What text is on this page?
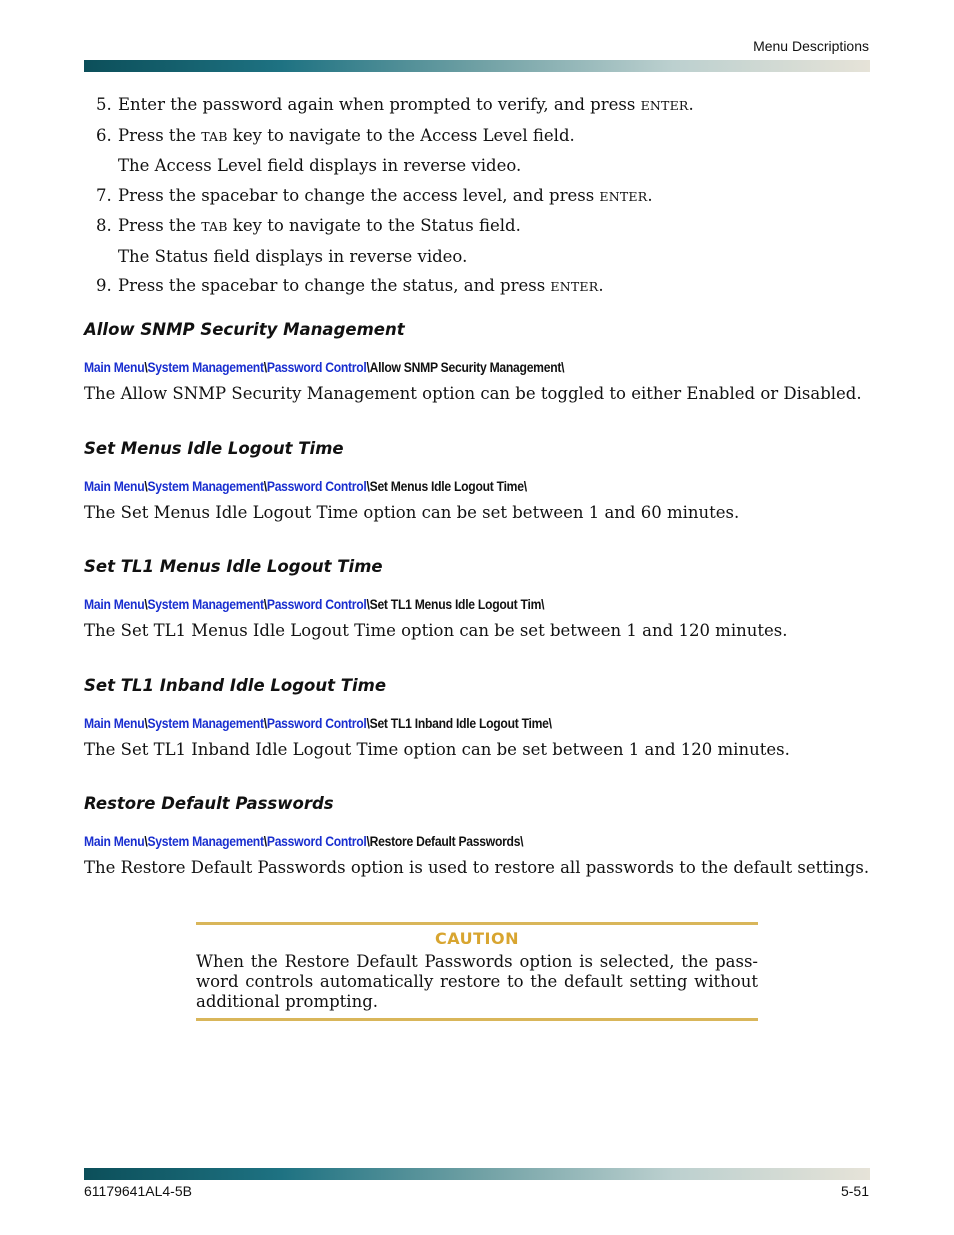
Menu Descriptions
5. Enter the password again when prompted to verify, and press ENTER.
6. Press the TAB key to navigate to the Access Level field.
The Access Level field displays in reverse video.
7. Press the spacebar to change the access level, and press ENTER.
8. Press the TAB key to navigate to the Status field.
The Status field displays in reverse video.
9. Press the spacebar to change the status, and press ENTER.
Allow SNMP Security Management
Main Menu\System Management\Password Control\Allow SNMP Security Management\
The Allow SNMP Security Management option can be toggled to either Enabled or Disabled.
Set Menus Idle Logout Time
Main Menu\System Management\Password Control\Set Menus Idle Logout Time\
The Set Menus Idle Logout Time option can be set between 1 and 60 minutes.
Set TL1 Menus Idle Logout Time
Main Menu\System Management\Password Control\Set TL1 Menus Idle Logout Tim\
The Set TL1 Menus Idle Logout Time option can be set between 1 and 120 minutes.
Set TL1 Inband Idle Logout Time
Main Menu\System Management\Password Control\Set TL1 Inband Idle Logout Time\
The Set TL1 Inband Idle Logout Time option can be set between 1 and 120 minutes.
Restore Default Passwords
Main Menu\System Management\Password Control\Restore Default Passwords\
The Restore Default Passwords option is used to restore all passwords to the default settings.
CAUTION
When the Restore Default Passwords option is selected, the pass-word controls automatically restore to the default setting without additional prompting.
61179641AL4-5B	5-51
